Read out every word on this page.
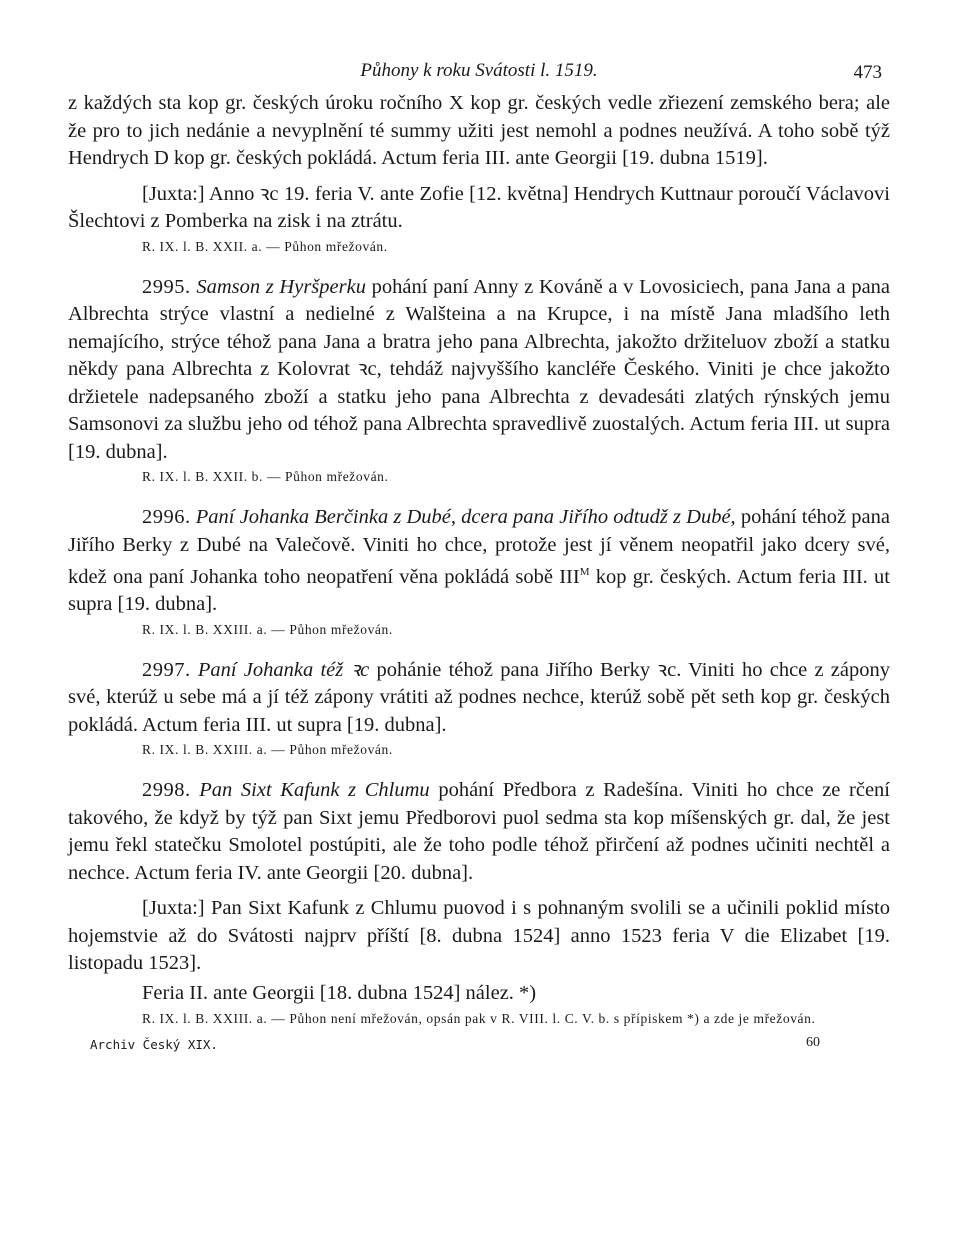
Půhony k roku Svátosti l. 1519.	473

z každých sta kop gr. českých úroku ročního X kop gr. českých vedle zřiezení zemského bera; ale že pro to jich nedánie a nevyplnění té summy užiti jest nemohl a podnes neužívá. A toho sobě týž Hendrych D kop gr. českých pokládá. Actum feria III. ante Georgii [19. dubna 1519].

[Juxta:] Anno ꝛc 19. feria V. ante Zofie [12. května] Hendrych Kuttnaur poroučí Václavovi Šlechtovi z Pomberka na zisk i na ztrátu.

R. IX. l. B. XXII. a. — Půhon mřežován.

2995. Samson z Hyršperku pohání paní Anny z Kováně a v Lovosiciech, pana Jana a pana Albrechta strýce vlastní a nedielné z Walšteina a na Krupce, i na místě Jana mladšího leth nemajícího, strýce téhož pana Jana a bratra jeho pana Albrechta, jakožto držiteluov zboží a statku někdy pana Albrechta z Kolovrat ꝛc, tehdáž najvyššího kancléře Českého. Viniti je chce jakožto držietele nadepsaného zboží a statku jeho pana Albrechta z devadesáti zlatých rýnských jemu Samsonovi za službu jeho od téhož pana Albrechta spravedlivě zuostalých. Actum feria III. ut supra [19. dubna].

R. IX. l. B. XXII. b. — Půhon mřežován.

2996. Paní Johanka Berčinka z Dubé, dcera pana Jiřího odtudž z Dubé, pohání téhož pana Jiřího Berky z Dubé na Valečově. Viniti ho chce, protože jest jí věnem neopatřil jako dcery své, kdež ona paní Johanka toho neopatření věna pokládá sobě $III^M$ kop gr. českých. Actum feria III. ut supra [19. dubna].

R. IX. l. B. XXIII. a. — Půhon mřežován.

2997. Paní Johanka též ꝛc pohánie téhož pana Jiřího Berky ꝛc. Viniti ho chce z zápony své, kterúž u sebe má a jí též zápony vrátiti až podnes nechce, kterúž sobě pět seth kop gr. českých pokládá. Actum feria III. ut supra [19. dubna].

R. IX. l. B. XXIII. a. — Půhon mřežován.

2998. Pan Sixt Kafunk z Chlumu pohání Předbora z Radešína. Viniti ho chce ze rčení takového, že když by týž pan Sixt jemu Předborovi puol sedma sta kop míšenských gr. dal, že jest jemu řekl statečku Smolotel postúpiti, ale že toho podle téhož přirčení až podnes učiniti nechtěl a nechce. Actum feria IV. ante Georgii [20. dubna].

[Juxta:] Pan Sixt Kafunk z Chlumu puovod i s pohnaným svolili se a učinili poklid místo hojemstvie až do Svátosti najprv příští [8. dubna 1524] anno 1523 feria V die Elizabet [19. listopadu 1523].

Feria II. ante Georgii [18. dubna 1524] nález. *)

R. IX. l. B. XXIII. a. — Půhon není mřežován, opsán pak v R. VIII. l. C. V. b. s přípiskem *) a zde je mřežován.

Archiv Český XIX.	60
